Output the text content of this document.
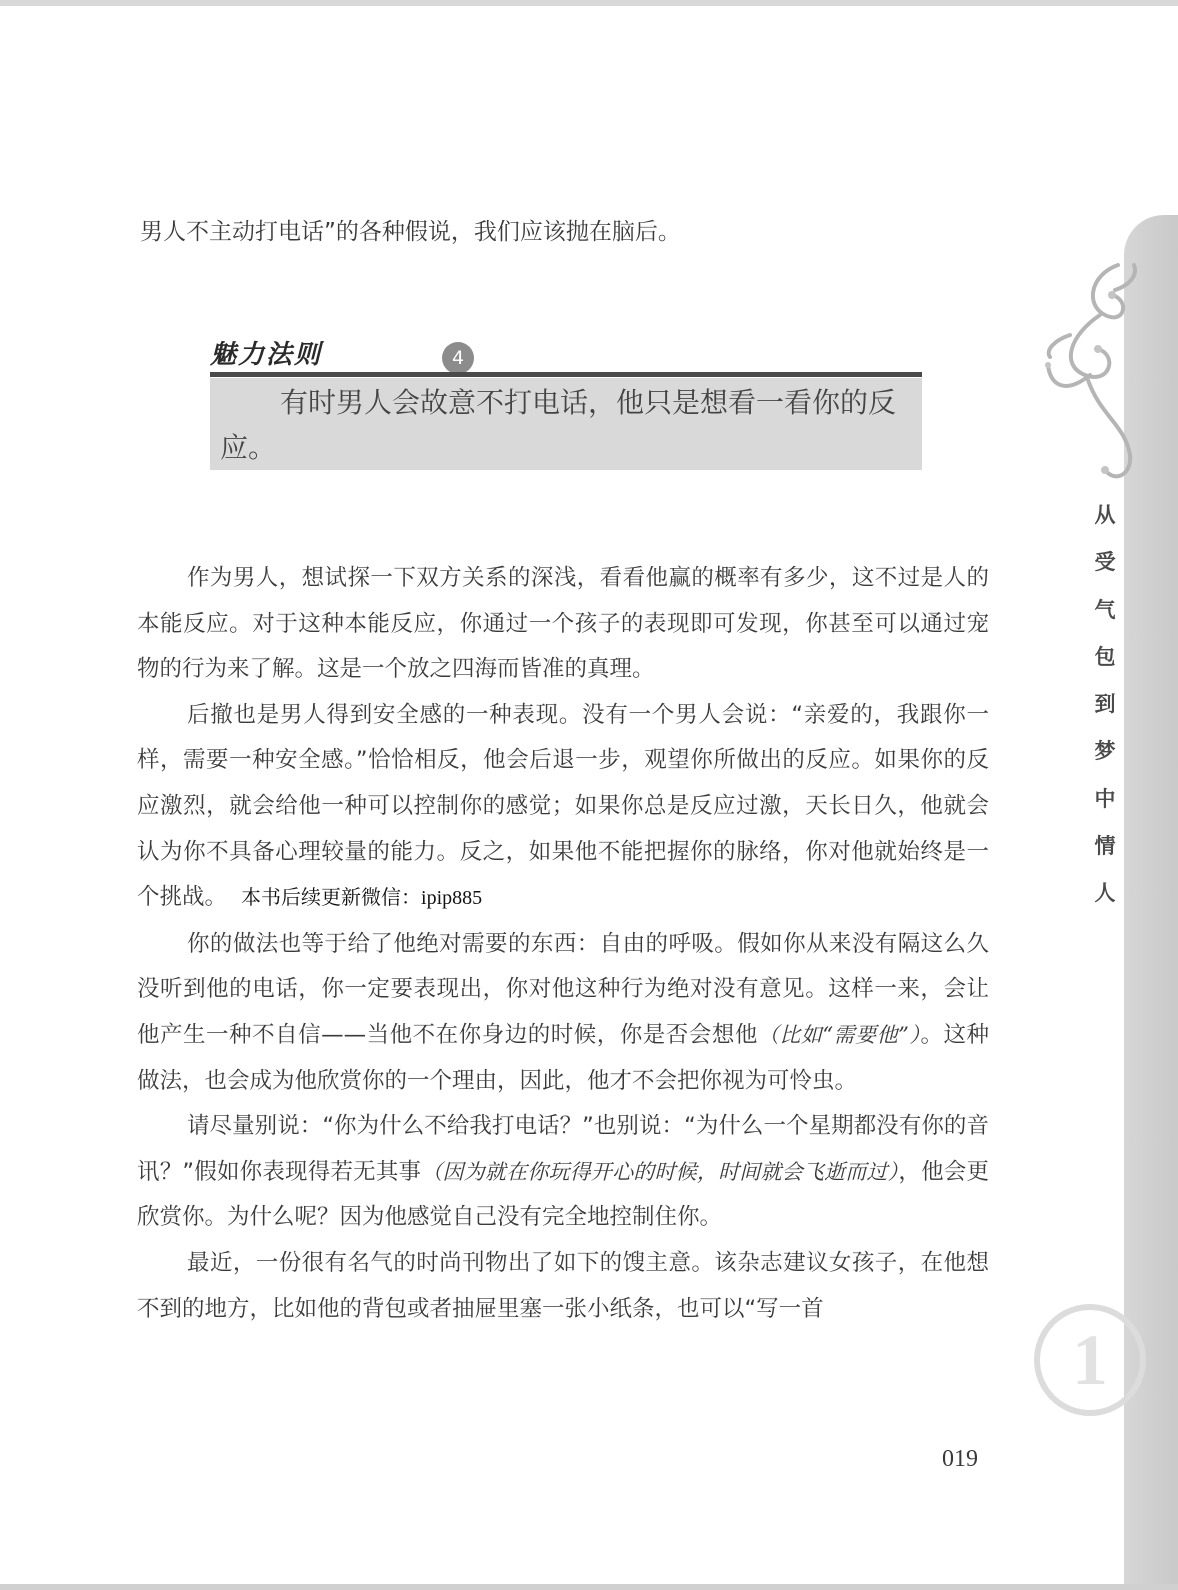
从
受
气
包
到
梦
中
情
人
1
男人不主动打电话”的各种假说，我们应该抛在脑后。
魅力法则	4
有时男人会故意不打电话，他只是想看一看你的反应。

作为男人，想试探一下双方关系的深浅，看看他赢的概率有多少，这不过是人的本能反应。对于这种本能反应，你通过一个孩子的表现即可发现，你甚至可以通过宠物的行为来了解。这是一个放之四海而皆准的真理。

后撤也是男人得到安全感的一种表现。没有一个男人会说：“亲爱的，我跟你一样，需要一种安全感。”恰恰相反，他会后退一步，观望你所做出的反应。如果你的反应激烈，就会给他一种可以控制你的感觉；如果你总是反应过激，天长日久，他就会认为你不具备心理较量的能力。反之，如果他不能把握你的脉络，你对他就始终是一个挑战。 本书后续更新微信：ipip885

你的做法也等于给了他绝对需要的东西：自由的呼吸。假如你从来没有隔这么久没听到他的电话，你一定要表现出，你对他这种行为绝对没有意见。这样一来，会让他产生一种不自信——当他不在你身边的时候，你是否会想他（比如“需要他”）。这种做法，也会成为他欣赏你的一个理由，因此，他才不会把你视为可怜虫。

请尽量别说：“你为什么不给我打电话？”也别说：“为什么一个星期都没有你的音讯？”假如你表现得若无其事（因为就在你玩得开心的时候，时间就会飞逝而过），他会更欣赏你。为什么呢？因为他感觉自己没有完全地控制住你。

最近，一份很有名气的时尚刊物出了如下的馊主意。该杂志建议女孩子，在他想不到的地方，比如他的背包或者抽屉里塞一张小纸条，也可以“写一首

019
